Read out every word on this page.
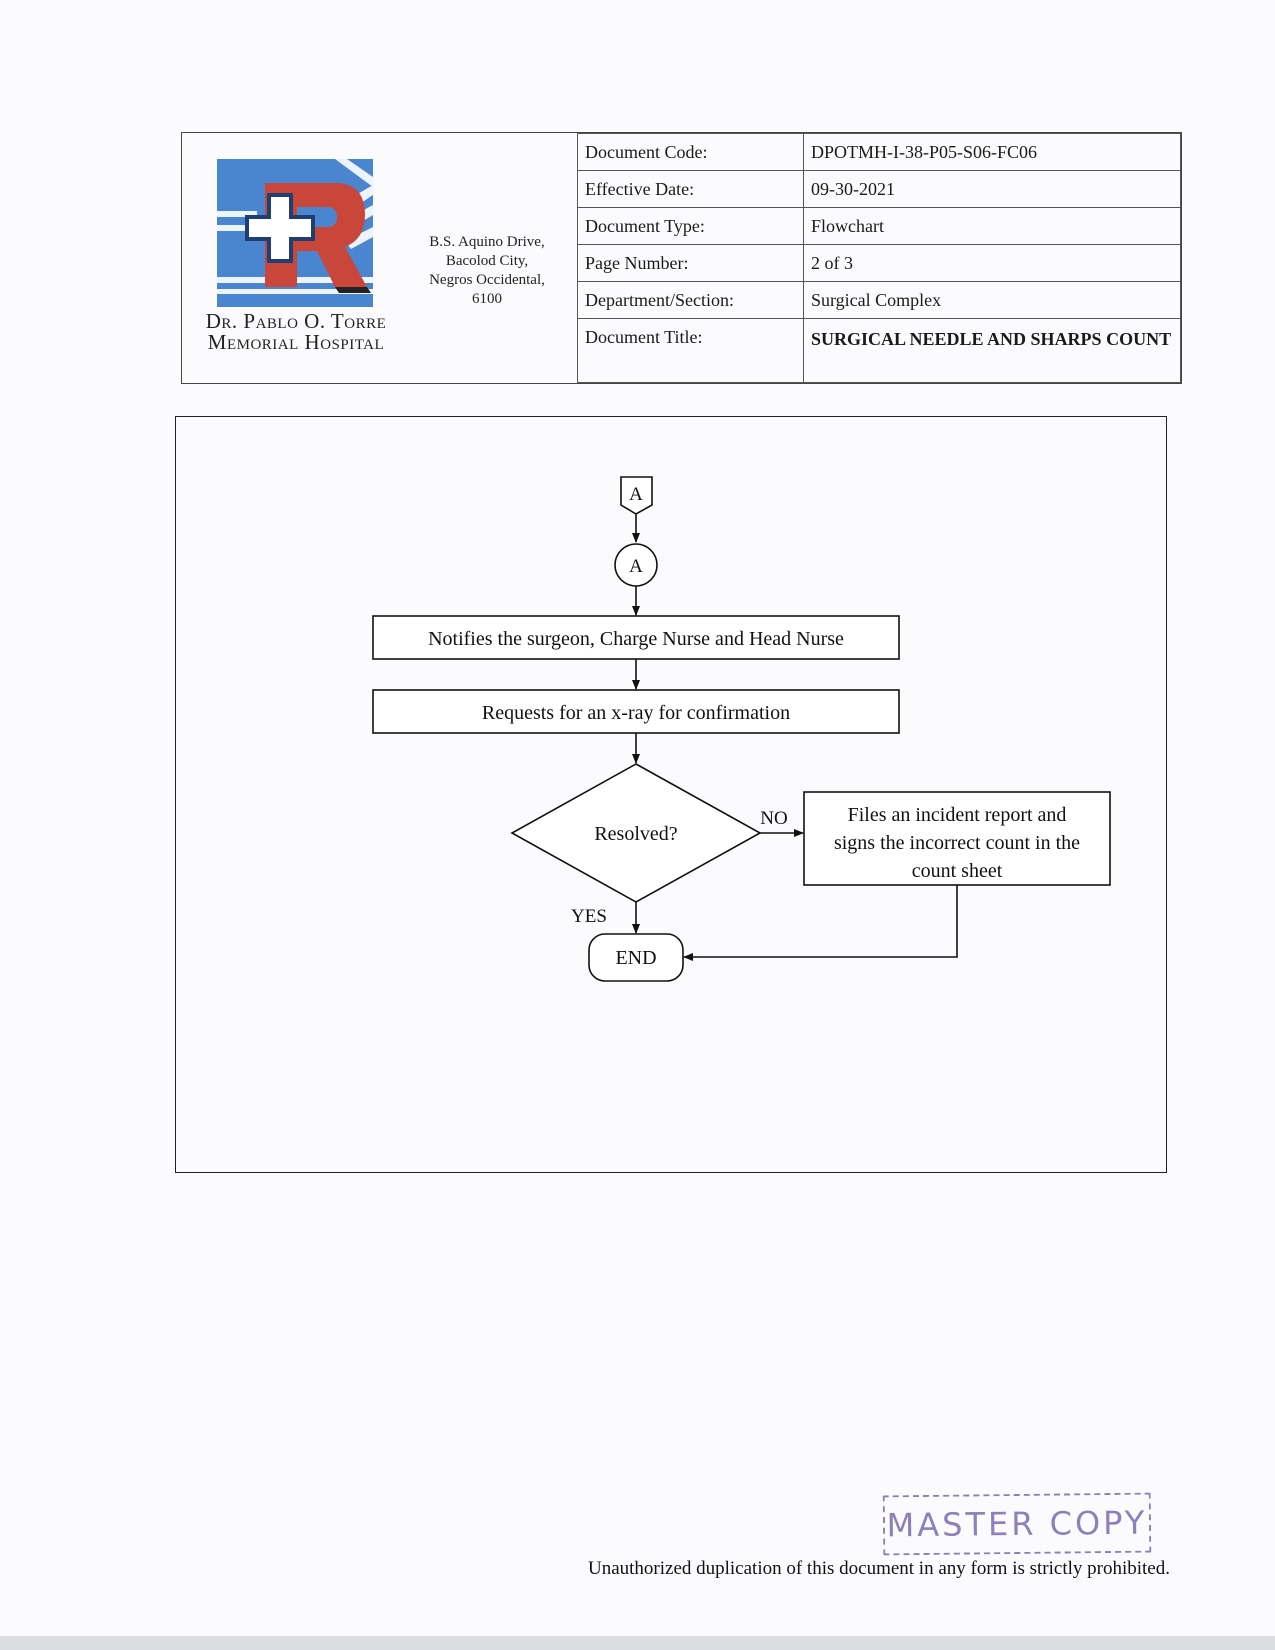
Dr. Pablo O. Torre
Memorial Hospital
B.S. Aquino Drive,
Bacolod City,
Negros Occidental,
6100
Document Code:	DPOTMH-I-38-P05-S06-FC06
Effective Date:	09-30-2021
Document Type:	Flowchart
Page Number:	2 of 3
Department/Section:	Surgical Complex
Document Title:	SURGICAL NEEDLE AND SHARPS COUNT
A
A
Notifies the surgeon, Charge Nurse and Head Nurse
Requests for an x-ray for confirmation
Resolved?
NO	Files an incident report and
signs the incorrect count in the
count sheet
YES
END
MASTER COPY
Unauthorized duplication of this document in any form is strictly prohibited.
